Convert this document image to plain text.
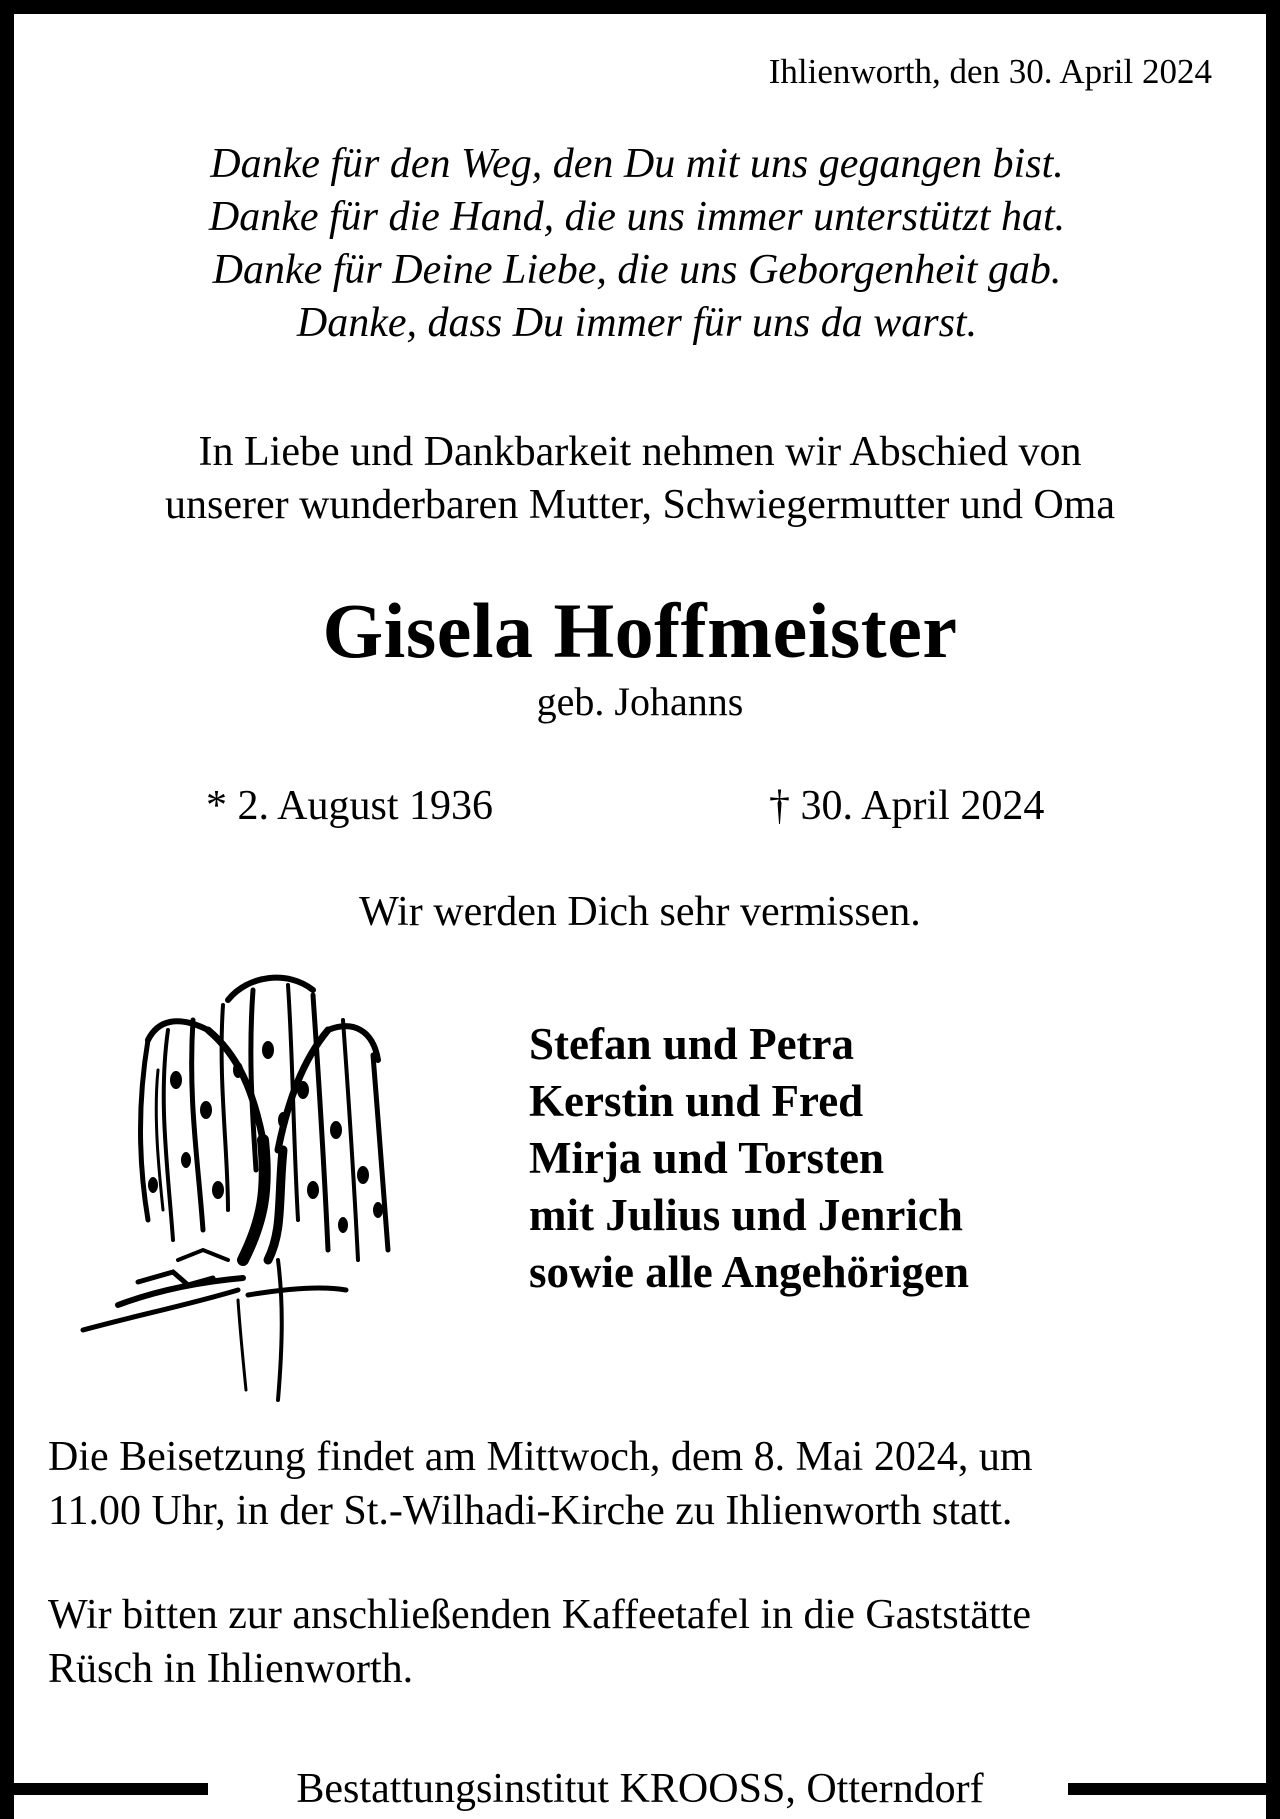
Ihlienworth, den 30. April 2024
Danke für den Weg, den Du mit uns gegangen bist.
Danke für die Hand, die uns immer unterstützt hat.
Danke für Deine Liebe, die uns Geborgenheit gab.
Danke, dass Du immer für uns da warst.
In Liebe und Dankbarkeit nehmen wir Abschied von
unserer wunderbaren Mutter, Schwiegermutter und Oma
Gisela Hoffmeister
geb. Johanns
* 2. August 1936	† 30. April 2024
Wir werden Dich sehr vermissen.
Stefan und Petra
Kerstin und Fred
Mirja und Torsten
mit Julius und Jenrich
sowie alle Angehörigen
Die Beisetzung findet am Mittwoch, dem 8. Mai 2024, um
11.00 Uhr, in der St.-Wilhadi-Kirche zu Ihlienworth statt.
Wir bitten zur anschließenden Kaffeetafel in die Gaststätte
Rüsch in Ihlienworth.
Bestattungsinstitut KROOSS, Otterndorf
